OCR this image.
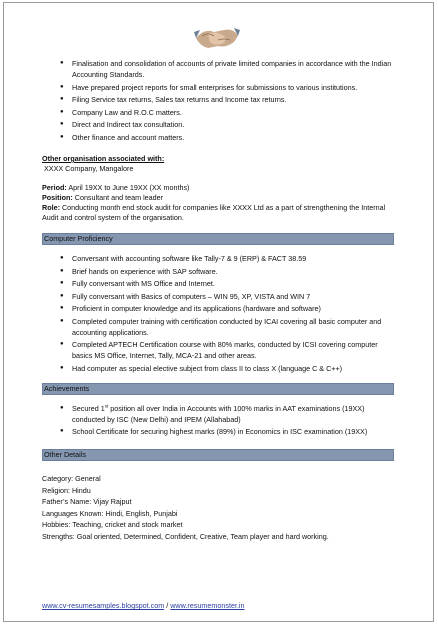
● Finalisation and consolidation of accounts of private limited companies in accordance with the Indian Accounting Standards.
● Have prepared project reports for small enterprises for submissions to various institutions.
● Filing Service tax returns, Sales tax returns and Income tax returns.
● Company Law and R.O.C matters.
● Direct and Indirect tax consultation.
● Other finance and account matters.
Other organisation associated with:
XXXX Company, Mangalore
Period: April 19XX to June 19XX (XX months)
Position: Consultant and team leader
Role: Conducting month end stock audit for companies like XXXX Ltd as a part of strengthening the Internal Audit and control system of the organisation.
Computer Proficiency
● Conversant with accounting software like Tally-7 & 9 (ERP) & FACT 38.59
● Brief hands on experience with SAP software.
● Fully conversant with MS Office and Internet.
● Fully conversant with Basics of computers – WIN 95, XP, VISTA and WIN 7
● Proficient in computer knowledge and its applications (hardware and software)
● Completed computer training with certification conducted by ICAI covering all basic computer and accounting applications.
● Completed APTECH Certification course with 80% marks, conducted by ICSI covering computer basics MS Office, Internet, Tally, MCA-21 and other areas.
● Had computer as special elective subject from class II to class X (language C & C++)
Achievements
● Secured 1st position all over India in Accounts with 100% marks in AAT examinations (19XX) conducted by ISC (New Delhi) and IPEM (Allahabad)
● School Certificate for securing highest marks (89%) in Economics in ISC examination (19XX)
Other Details
Category: General
Religion: Hindu
Father’s Name: Vijay Rajput
Languages Known: Hindi, English, Punjabi
Hobbies: Teaching, cricket and stock market
Strengths: Goal oriented, Determined, Confident, Creative, Team player and hard working.
www.cv-resumesamples.blogspot.com / www.resumemonster.in
